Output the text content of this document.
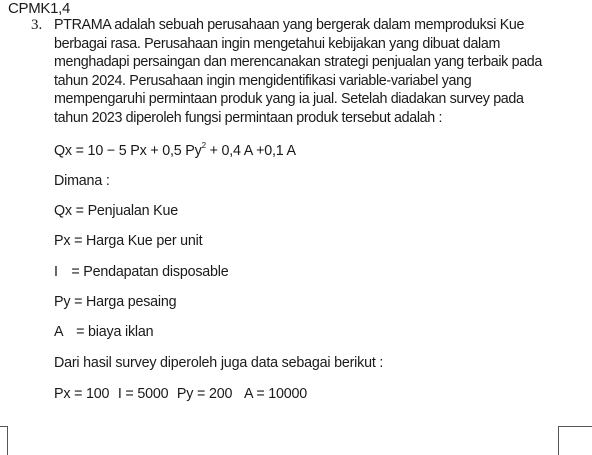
CPMK1,4
3. PTRAMA adalah sebuah perusahaan yang bergerak dalam memproduksi Kue
berbagai rasa. Perusahaan ingin mengetahui kebijakan yang dibuat dalam
menghadapi persaingan dan merencanakan strategi penjualan yang terbaik pada
tahun 2024. Perusahaan ingin mengidentifikasi variable-variabel yang
mempengaruhi permintaan produk yang ia jual. Setelah diadakan survey pada
tahun 2023 diperoleh fungsi permintaan produk tersebut adalah :
Qx = 10 − 5 Px + 0,5 $Py^2 + 0,4$ A +0,1 A
Dimana :
Qx = Penjualan Kue
Px = Harga Kue per unit
I = Pendapatan disposable
Py = Harga pesaing
A = biaya iklan
Dari hasil survey diperoleh juga data sebagai berikut :
Px = 100 I = 5000 Py = 200 A = 10000
